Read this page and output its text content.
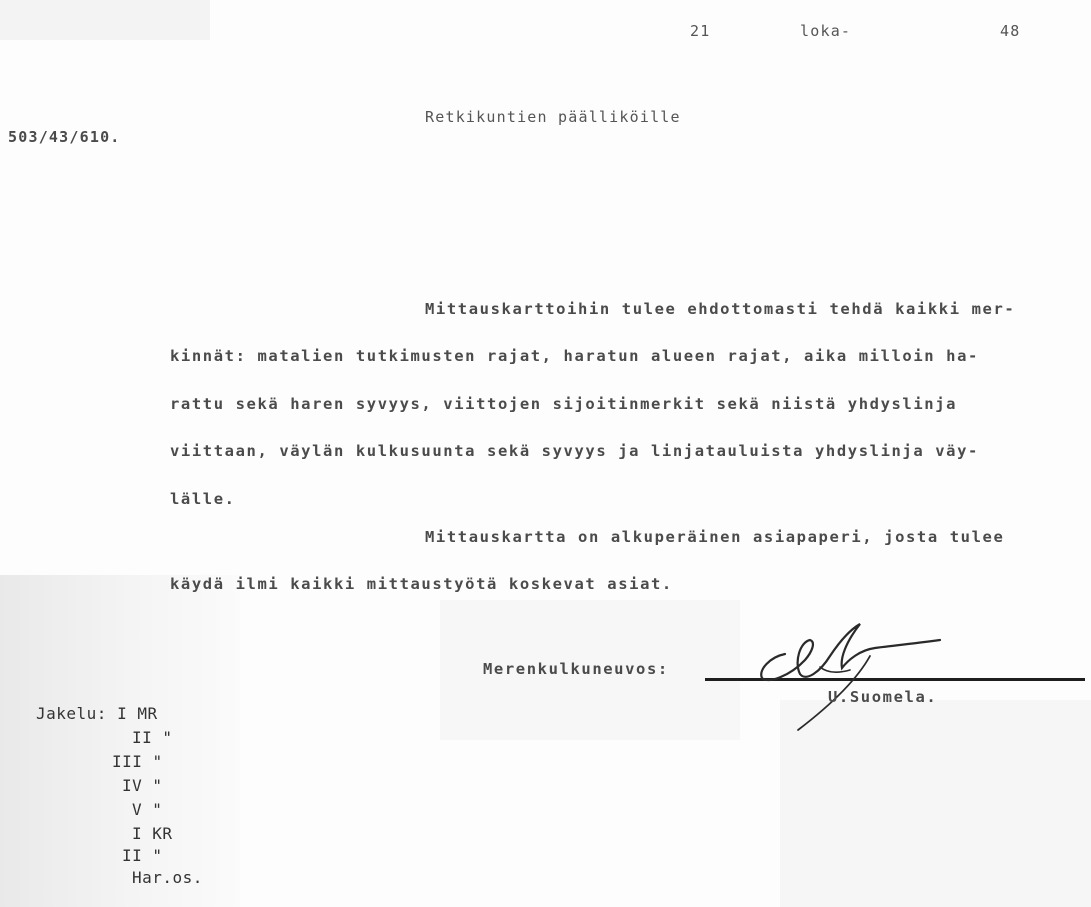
21	loka-	48
503/43/610.
Retkikuntien päälliköille
Mittauskarttoihin tulee ehdottomasti tehdä kaikki mer-
kinnät: matalien tutkimusten rajat, haratun alueen rajat, aika milloin ha-
rattu sekä haren syvyys, viittojen sijoitinmerkit sekä niistä yhdyslinja
viittaan, väylän kulkusuunta sekä syvyys ja linjatauluista yhdyslinja väy-
lälle.
Mittauskartta on alkuperäinen asiapaperi, josta tulee
käydä ilmi kaikki mittaustyötä koskevat asiat.
Merenkulkuneuvos:
U.Suomela.
Jakelu: I MR
II "
III "
IV "
V "
I KR
II "
Har.os.
